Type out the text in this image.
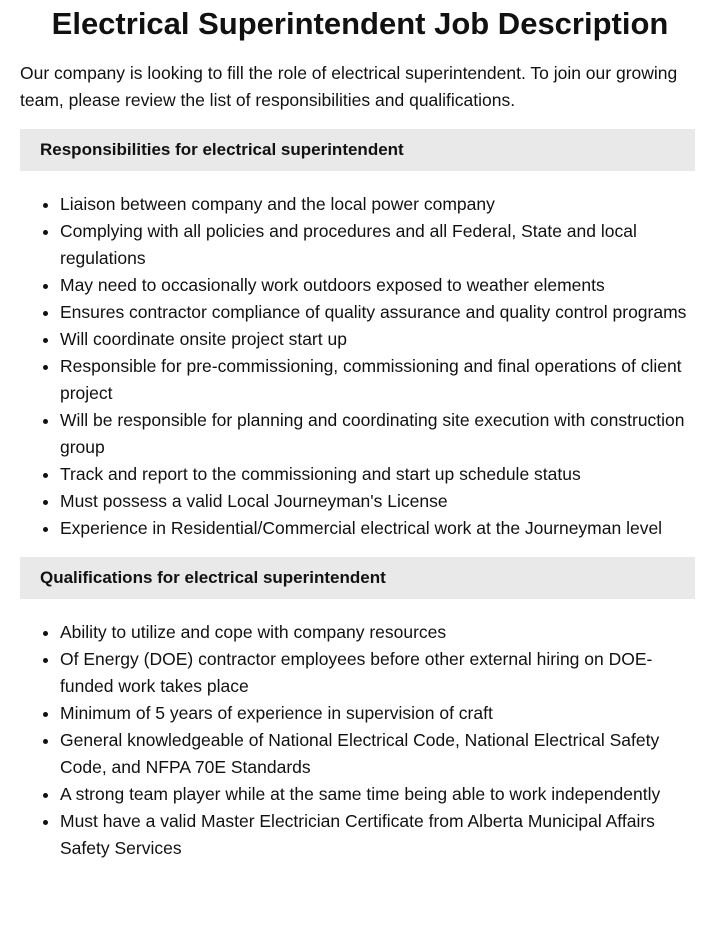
Electrical Superintendent Job Description

Our company is looking to fill the role of electrical superintendent. To join our growing team, please review the list of responsibilities and qualifications.

Responsibilities for electrical superintendent
• Liaison between company and the local power company
• Complying with all policies and procedures and all Federal, State and local regulations
• May need to occasionally work outdoors exposed to weather elements
• Ensures contractor compliance of quality assurance and quality control programs
• Will coordinate onsite project start up
• Responsible for pre-commissioning, commissioning and final operations of client project
• Will be responsible for planning and coordinating site execution with construction group
• Track and report to the commissioning and start up schedule status
• Must possess a valid Local Journeyman's License
• Experience in Residential/Commercial electrical work at the Journeyman level
Qualifications for electrical superintendent
• Ability to utilize and cope with company resources
• Of Energy (DOE) contractor employees before other external hiring on DOE-funded work takes place
• Minimum of 5 years of experience in supervision of craft
• General knowledgeable of National Electrical Code, National Electrical Safety Code, and NFPA 70E Standards
• A strong team player while at the same time being able to work independently
• Must have a valid Master Electrician Certificate from Alberta Municipal Affairs Safety Services
